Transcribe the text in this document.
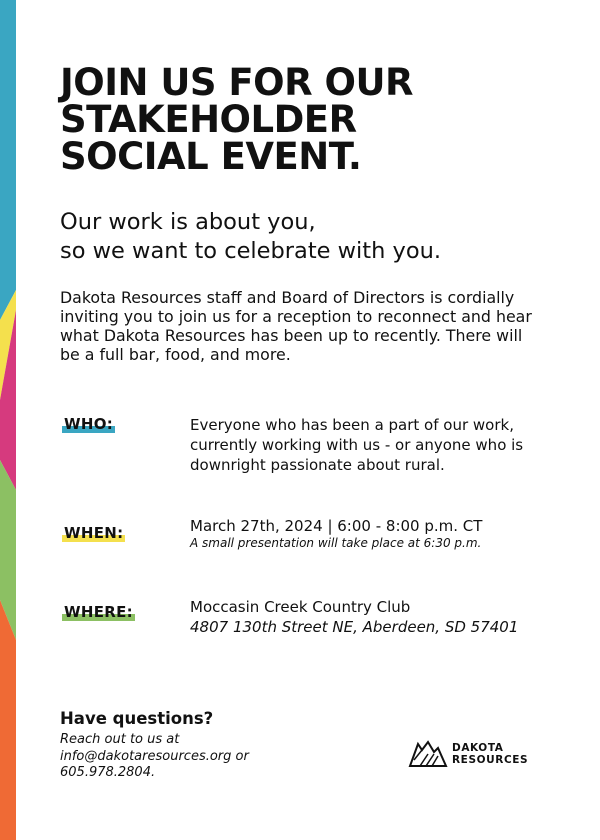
JOIN US FOR OUR
STAKEHOLDER
SOCIAL EVENT.

Our work is about you,
so we want to celebrate with you.

Dakota Resources staff and Board of Directors is cordially inviting you to join us for a reception to reconnect and hear what Dakota Resources has been up to recently. There will be a full bar, food, and more.

WHO:	Everyone who has been a part of our work, currently working with us - or anyone who is downright passionate about rural.

WHEN:	March 27th, 2024 | 6:00 - 8:00 p.m. CT
A small presentation will take place at 6:30 p.m.
WHERE:	Moccasin Creek Country Club
4807 130th Street NE, Aberdeen, SD 57401
Have questions?

Reach out to us at info@dakotaresources.org or 605.978.2804.

DAKOTA
RESOURCES
